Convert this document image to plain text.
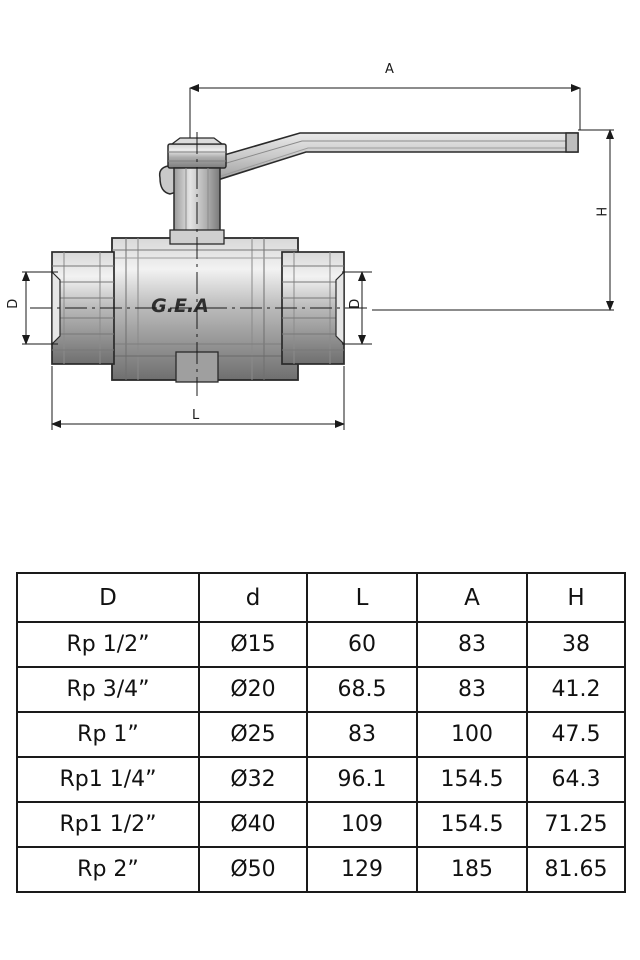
G.E.A
A
H
D	D
L
D	d	L	A	H
Rp 1/2”	Ø15	60	83	38
Rp 3/4”	Ø20	68.5	83	41.2
Rp 1”	Ø25	83	100	47.5
Rp1 1/4”	Ø32	96.1	154.5	64.3
Rp1 1/2”	Ø40	109	154.5	71.25
Rp 2”	Ø50	129	185	81.65
